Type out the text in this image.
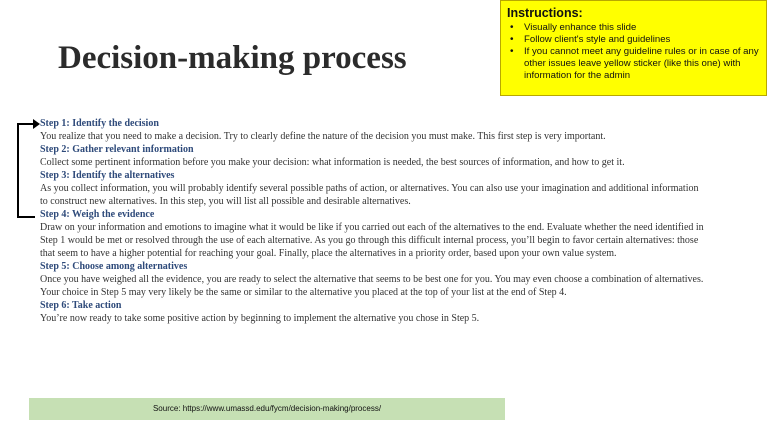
Decision-making process
Instructions:
• Visually enhance this slide
• Follow client's style and guidelines
• If you cannot meet any guideline rules or in case of any other issues leave yellow sticker (like this one) with information for the admin
Step 1: Identify the decision

You realize that you need to make a decision. Try to clearly define the nature of the decision you must make. This first step is very important.

Step 2: Gather relevant information

Collect some pertinent information before you make your decision: what information is needed, the best sources of information, and how to get it.

Step 3: Identify the alternatives

As you collect information, you will probably identify several possible paths of action, or alternatives. You can also use your imagination and additional information to construct new alternatives. In this step, you will list all possible and desirable alternatives.

Step 4: Weigh the evidence

Draw on your information and emotions to imagine what it would be like if you carried out each of the alternatives to the end. Evaluate whether the need identified in Step 1 would be met or resolved through the use of each alternative. As you go through this difficult internal process, you’ll begin to favor certain alternatives: those that seem to have a higher potential for reaching your goal. Finally, place the alternatives in a priority order, based upon your own value system.

Step 5: Choose among alternatives

Once you have weighed all the evidence, you are ready to select the alternative that seems to be best one for you. You may even choose a combination of alternatives. Your choice in Step 5 may very likely be the same or similar to the alternative you placed at the top of your list at the end of Step 4.

Step 6: Take action

You’re now ready to take some positive action by beginning to implement the alternative you chose in Step 5.

Source: https://www.umassd.edu/fycm/decision-making/process/
